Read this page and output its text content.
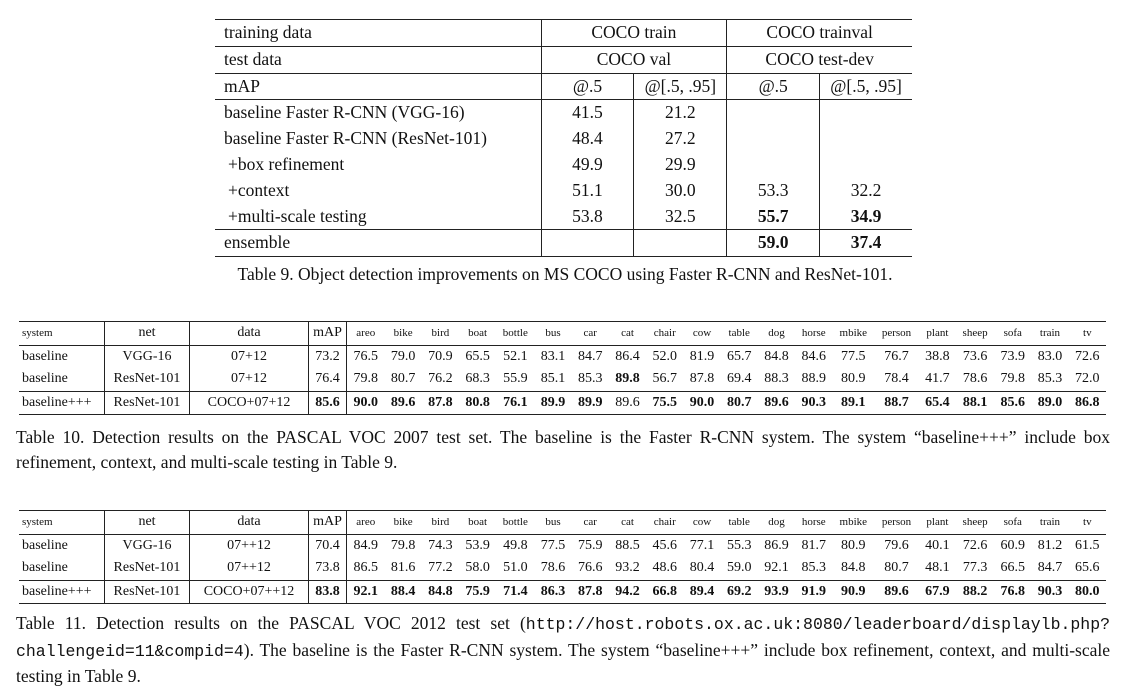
training data	COCO train		COCO trainval	
test data	COCO val		COCO test-dev	
mAP	@.5	@[.5, .95]	@.5	@[.5, .95]
baseline Faster R-CNN (VGG-16)	41.5	21.2		
baseline Faster R-CNN (ResNet-101)	48.4	27.2		
+box refinement	49.9	29.9		
+context	51.1	30.0	53.3	32.2
+multi-scale testing	53.8	32.5	55.7	34.9
ensemble			59.0	37.4
Table 9. Object detection improvements on MS COCO using Faster R-CNN and ResNet-101.
system	net	data	mAP	areo	bike	bird	boat	bottle	bus	car	cat	chair	cow	table	dog	horse	mbike	person	plant	sheep	sofa	train	tv
baseline	VGG-16	07+12	73.2	76.5	79.0	70.9	65.5	52.1	83.1	84.7	86.4	52.0	81.9	65.7	84.8	84.6	77.5	76.7	38.8	73.6	73.9	83.0	72.6
baseline	ResNet-101	07+12	76.4	79.8	80.7	76.2	68.3	55.9	85.1	85.3	89.8	56.7	87.8	69.4	88.3	88.9	80.9	78.4	41.7	78.6	79.8	85.3	72.0
baseline+++	ResNet-101	COCO+07+12	85.6	90.0	89.6	87.8	80.8	76.1	89.9	89.9	89.6	75.5	90.0	80.7	89.6	90.3	89.1	88.7	65.4	88.1	85.6	89.0	86.8
Table 10. Detection results on the PASCAL VOC 2007 test set. The baseline is the Faster R-CNN system. The system “baseline+++” include box refinement, context, and multi-scale testing in Table 9.
system	net	data	mAP	areo	bike	bird	boat	bottle	bus	car	cat	chair	cow	table	dog	horse	mbike	person	plant	sheep	sofa	train	tv
baseline	VGG-16	07++12	70.4	84.9	79.8	74.3	53.9	49.8	77.5	75.9	88.5	45.6	77.1	55.3	86.9	81.7	80.9	79.6	40.1	72.6	60.9	81.2	61.5
baseline	ResNet-101	07++12	73.8	86.5	81.6	77.2	58.0	51.0	78.6	76.6	93.2	48.6	80.4	59.0	92.1	85.3	84.8	80.7	48.1	77.3	66.5	84.7	65.6
baseline+++	ResNet-101	COCO+07++12	83.8	92.1	88.4	84.8	75.9	71.4	86.3	87.8	94.2	66.8	89.4	69.2	93.9	91.9	90.9	89.6	67.9	88.2	76.8	90.3	80.0
Table 11. Detection results on the PASCAL VOC 2012 test set (http://host.robots.ox.ac.uk:8080/leaderboard/displaylb.php?challengeid=11&compid=4). The baseline is the Faster R-CNN system. The system “baseline+++” include box refinement, context, and multi-scale testing in Table 9.
